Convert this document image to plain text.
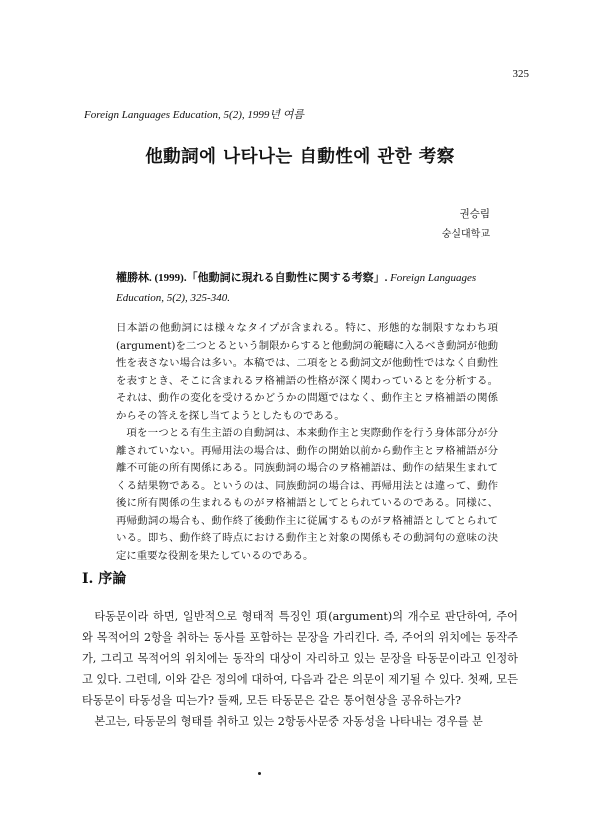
325
Foreign Languages Education, 5(2), 1999년 여름
他動詞에 나타나는 自動性에 관한 考察
권승림
숭실대학교
權勝林. (1999).「他動詞に現れる自動性に関する考察」. Foreign Languages Education, 5(2), 325-340.

日本語の他動詞には様々なタイプが含まれる。特に、形態的な制限すなわち項(argument)を二つとるという制限からすると他動詞の範疇に入るべき動詞が他動性を表さない場合は多い。本稿では、二項をとる動詞文が他動性ではなく自動性を表すとき、そこに含まれるヲ格補語の性格が深く関わっているとを分析する。それは、動作の変化を受けるかどうかの問題ではなく、動作主とヲ格補語の関係からその答えを探し当てようとしたものである。

項を一つとる有生主語の自動詞は、本来動作主と実際動作を行う身体部分が分離されていない。再帰用法の場合は、動作の開始以前から動作主とヲ格補語が分離不可能の所有関係にある。同族動詞の場合のヲ格補語は、動作の結果生まれてくる結果物である。というのは、同族動詞の場合は、再帰用法とは違って、動作後に所有関係の生まれるものがヲ格補語としてとられているのである。同様に、再帰動詞の場合も、動作終了後動作主に従属するものがヲ格補語としてとられている。即ち、動作終了時点における動作主と対象の関係もその動詞句の意味の決定に重要な役割を果たしているのである。

I. 序論

타동문이라 하면, 일반적으로 형태적 특징인 項(argument)의 개수로 판단하여, 주어와 목적어의 2항을 취하는 동사를 포함하는 문장을 가리킨다. 즉, 주어의 위치에는 동작주가, 그리고 목적어의 위치에는 동작의 대상이 자리하고 있는 문장을 타동문이라고 인정하고 있다. 그런데, 이와 같은 정의에 대하여, 다음과 같은 의문이 제기될 수 있다. 첫째, 모든 타동문이 타동성을 띠는가? 둘째, 모든 타동문은 같은 통어현상을 공유하는가?

본고는, 타동문의 형태를 취하고 있는 2항동사문중 자동성을 나타내는 경우를 분
